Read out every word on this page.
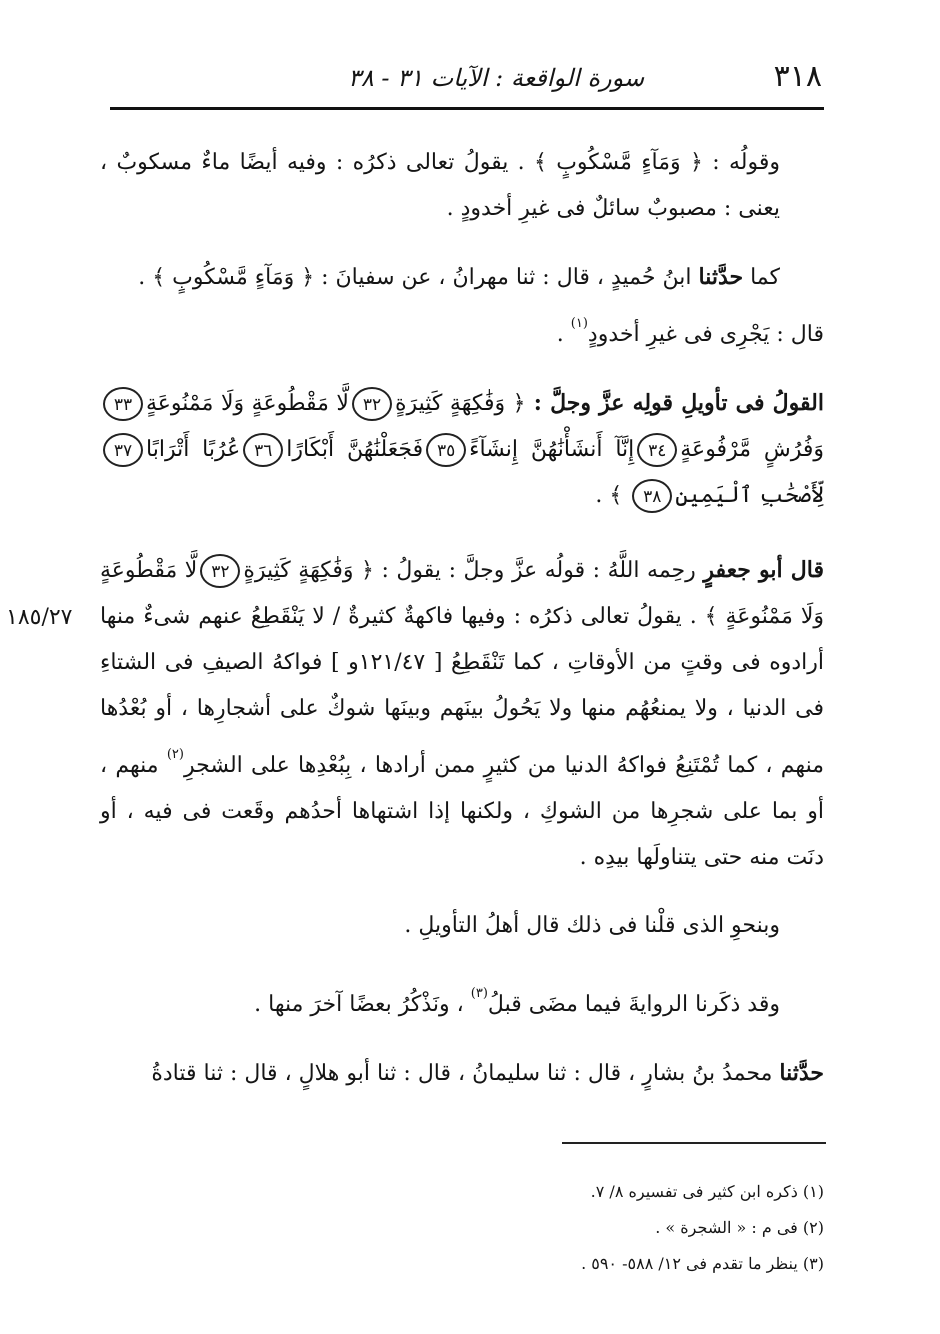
٣١٨
سورة الواقعة : الآيات ٣١ - ٣٨
١٨٥/٢٧

وقولُه : ﴿ وَمَآءٍ مَّسْكُوبٍ ﴾ . يقولُ تعالى ذكرُه : وفيه أيضًا ماءٌ مسكوبٌ ، يعنى : مصبوبٌ سائلٌ فى غيرِ أخدودٍ .

كما حدَّثنا ابنُ حُميدٍ ، قال : ثنا مهرانُ ، عن سفيانَ : ﴿ وَمَآءٍ مَّسْكُوبٍ ﴾ .

قال : يَجْرِى فى غيرِ أخدودٍ$^{(١)}$ .

القولُ فى تأويلِ قولِه عزَّ وجلَّ : ﴿ وَفَٰكِهَةٍ كَثِيرَةٍ٣٢لَّا مَقْطُوعَةٍ وَلَا مَمْنُوعَةٍ٣٣وَفُرُشٍ مَّرْفُوعَةٍ٣٤إِنَّآ أَنشَأْنَٰهُنَّ إِنشَآءً٣٥فَجَعَلْنَٰهُنَّ أَبْكَارًا٣٦عُرُبًا أَتْرَابًا٣٧لِّأَصْحَٰبِ ٱلْيَمِينِ٣٨ ﴾ .

قال أبو جعفرٍ رحِمه اللَّهُ : قولُه عزَّ وجلَّ : يقولُ : ﴿ وَفَٰكِهَةٍ كَثِيرَةٍ٣٢لَّا مَقْطُوعَةٍ وَلَا مَمْنُوعَةٍ ﴾ . يقولُ تعالى ذكرُه : وفيها فاكهةٌ كثيرةٌ / لا يَنْقَطِعُ عنهم شىءٌ منها أرادوه فى وقتٍ من الأوقاتِ ، كما تَنْقَطِعُ [ ١٢١/٤٧و ] فواكهُ الصيفِ فى الشتاءِ فى الدنيا ، ولا يمنعُهُم منها ولا يَحُولُ بينَهم وبينَها شوكٌ على أشجارِها ، أو بُعْدُها منهم ، كما تُمْتَنِعُ فواكهُ الدنيا من كثيرٍ ممن أرادها ، بِبُعْدِها على الشجرِ$^{(٢)}$ منهم ، أو بما على شجرِها من الشوكِ ، ولكنها إذا اشتهاها أحدُهم وقَعت فى فيه ، أو دنَت منه حتى يتناولَها بيدِه .

وبنحوِ الذى قلْنا فى ذلك قال أهلُ التأويلِ .

وقد ذكَرنا الروايةَ فيما مضَى قبلُ$^{(٣)}$ ، ونَذْكُرُ بعضًا آخرَ منها .

حدَّثنا محمدُ بنُ بشارٍ ، قال : ثنا سليمانُ ، قال : ثنا أبو هلالٍ ، قال : ثنا قتادةُ

(١) ذكره ابن كثير فى تفسيره ٨/ ٧.

(٢) فى م : « الشجرة » .

(٣) ينظر ما تقدم فى ١٢/ ٥٨٨- ٥٩٠ .
